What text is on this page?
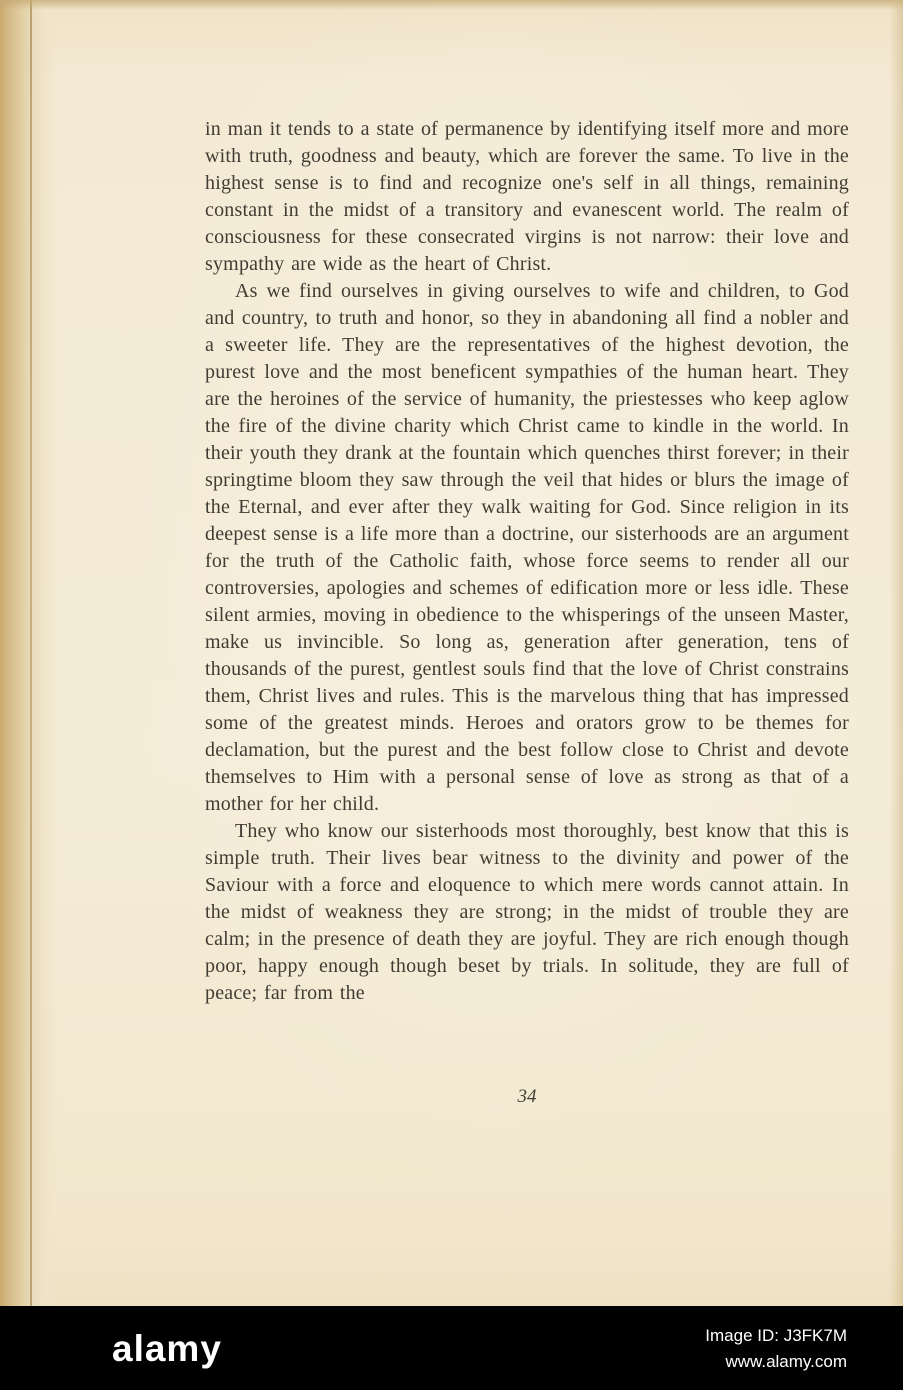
in man it tends to a state of permanence by identifying itself more and more with truth, goodness and beauty, which are forever the same. To live in the highest sense is to find and recognize one's self in all things, remaining constant in the midst of a transitory and evanescent world. The realm of consciousness for these consecrated virgins is not narrow: their love and sympathy are wide as the heart of Christ.

As we find ourselves in giving ourselves to wife and children, to God and country, to truth and honor, so they in abandoning all find a nobler and a sweeter life. They are the representatives of the highest devotion, the purest love and the most beneficent sympathies of the human heart. They are the heroines of the service of humanity, the priestesses who keep aglow the fire of the divine charity which Christ came to kindle in the world. In their youth they drank at the fountain which quenches thirst forever; in their springtime bloom they saw through the veil that hides or blurs the image of the Eternal, and ever after they walk waiting for God. Since religion in its deepest sense is a life more than a doctrine, our sisterhoods are an argument for the truth of the Catholic faith, whose force seems to render all our controversies, apologies and schemes of edification more or less idle. These silent armies, moving in obedience to the whisperings of the unseen Master, make us invincible. So long as, generation after generation, tens of thousands of the purest, gentlest souls find that the love of Christ constrains them, Christ lives and rules. This is the marvelous thing that has impressed some of the greatest minds. Heroes and orators grow to be themes for declamation, but the purest and the best follow close to Christ and devote themselves to Him with a personal sense of love as strong as that of a mother for her child.

They who know our sisterhoods most thoroughly, best know that this is simple truth. Their lives bear witness to the divinity and power of the Saviour with a force and eloquence to which mere words cannot attain. In the midst of weakness they are strong; in the midst of trouble they are calm; in the presence of death they are joyful. They are rich enough though poor, happy enough though beset by trials. In solitude, they are full of peace; far from the

34
alamy	Image ID: J3FK7M
www.alamy.com
